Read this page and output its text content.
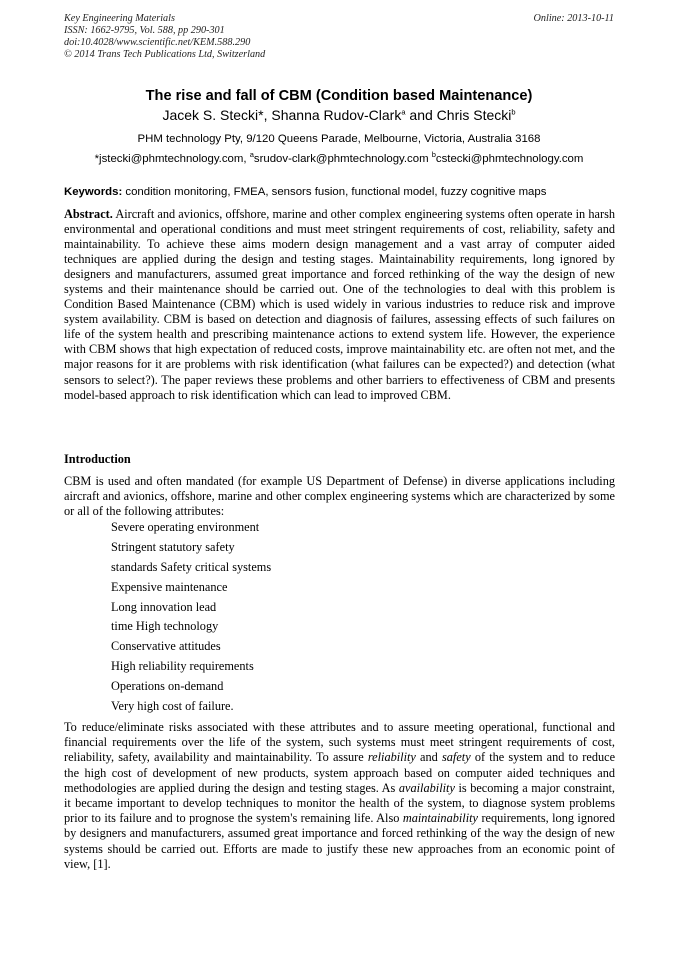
Key Engineering Materials
ISSN: 1662-9795, Vol. 588, pp 290-301
doi:10.4028/www.scientific.net/KEM.588.290
© 2014 Trans Tech Publications Ltd, Switzerland
Online: 2013-10-11
The rise and fall of CBM (Condition based Maintenance)
Jacek S. Stecki*, Shanna Rudov-Clark$^a$ and Chris Stecki$^b$
PHM technology Pty, 9/120 Queens Parade, Melbourne, Victoria, Australia 3168
*jstecki@phmtechnology.com, $^a$srudov-clark@phmtechnology.com $^b$cstecki@phmtechnology.com
Keywords: condition monitoring, FMEA, sensors fusion, functional model, fuzzy cognitive maps
Abstract. Aircraft and avionics, offshore, marine and other complex engineering systems often operate in harsh environmental and operational conditions and must meet stringent requirements of cost, reliability, safety and maintainability. To achieve these aims modern design management and a vast array of computer aided techniques are applied during the design and testing stages. Maintainability requirements, long ignored by designers and manufacturers, assumed great importance and forced rethinking of the way the design of new systems and their maintenance should be carried out. One of the technologies to deal with this problem is Condition Based Maintenance (CBM) which is used widely in various industries to reduce risk and improve system availability. CBM is based on detection and diagnosis of failures, assessing effects of such failures on life of the system health and prescribing maintenance actions to extend system life. However, the experience with CBM shows that high expectation of reduced costs, improve maintainability etc. are often not met, and the major reasons for it are problems with risk identification (what failures can be expected?) and detection (what sensors to select?). The paper reviews these problems and other barriers to effectiveness of CBM and presents model-based approach to risk identification which can lead to improved CBM.
Introduction
CBM is used and often mandated (for example US Department of Defense) in diverse applications including aircraft and avionics, offshore, marine and other complex engineering systems which are characterized by some or all of the following attributes:
Severe operating environment
Stringent statutory safety
standards Safety critical systems
Expensive maintenance
Long innovation lead
time High technology
Conservative attitudes
High reliability requirements
Operations on-demand
Very high cost of failure.
To reduce/eliminate risks associated with these attributes and to assure meeting operational, functional and financial requirements over the life of the system, such systems must meet stringent requirements of cost, reliability, safety, availability and maintainability. To assure reliability and safety of the system and to reduce the high cost of development of new products, system approach based on computer aided techniques and methodologies are applied during the design and testing stages. As availability is becoming a major constraint, it became important to develop techniques to monitor the health of the system, to diagnose system problems prior to its failure and to prognose the system's remaining life. Also maintainability requirements, long ignored by designers and manufacturers, assumed great importance and forced rethinking of the way the design of new systems should be carried out. Efforts are made to justify these new approaches from an economic point of view, [1].
